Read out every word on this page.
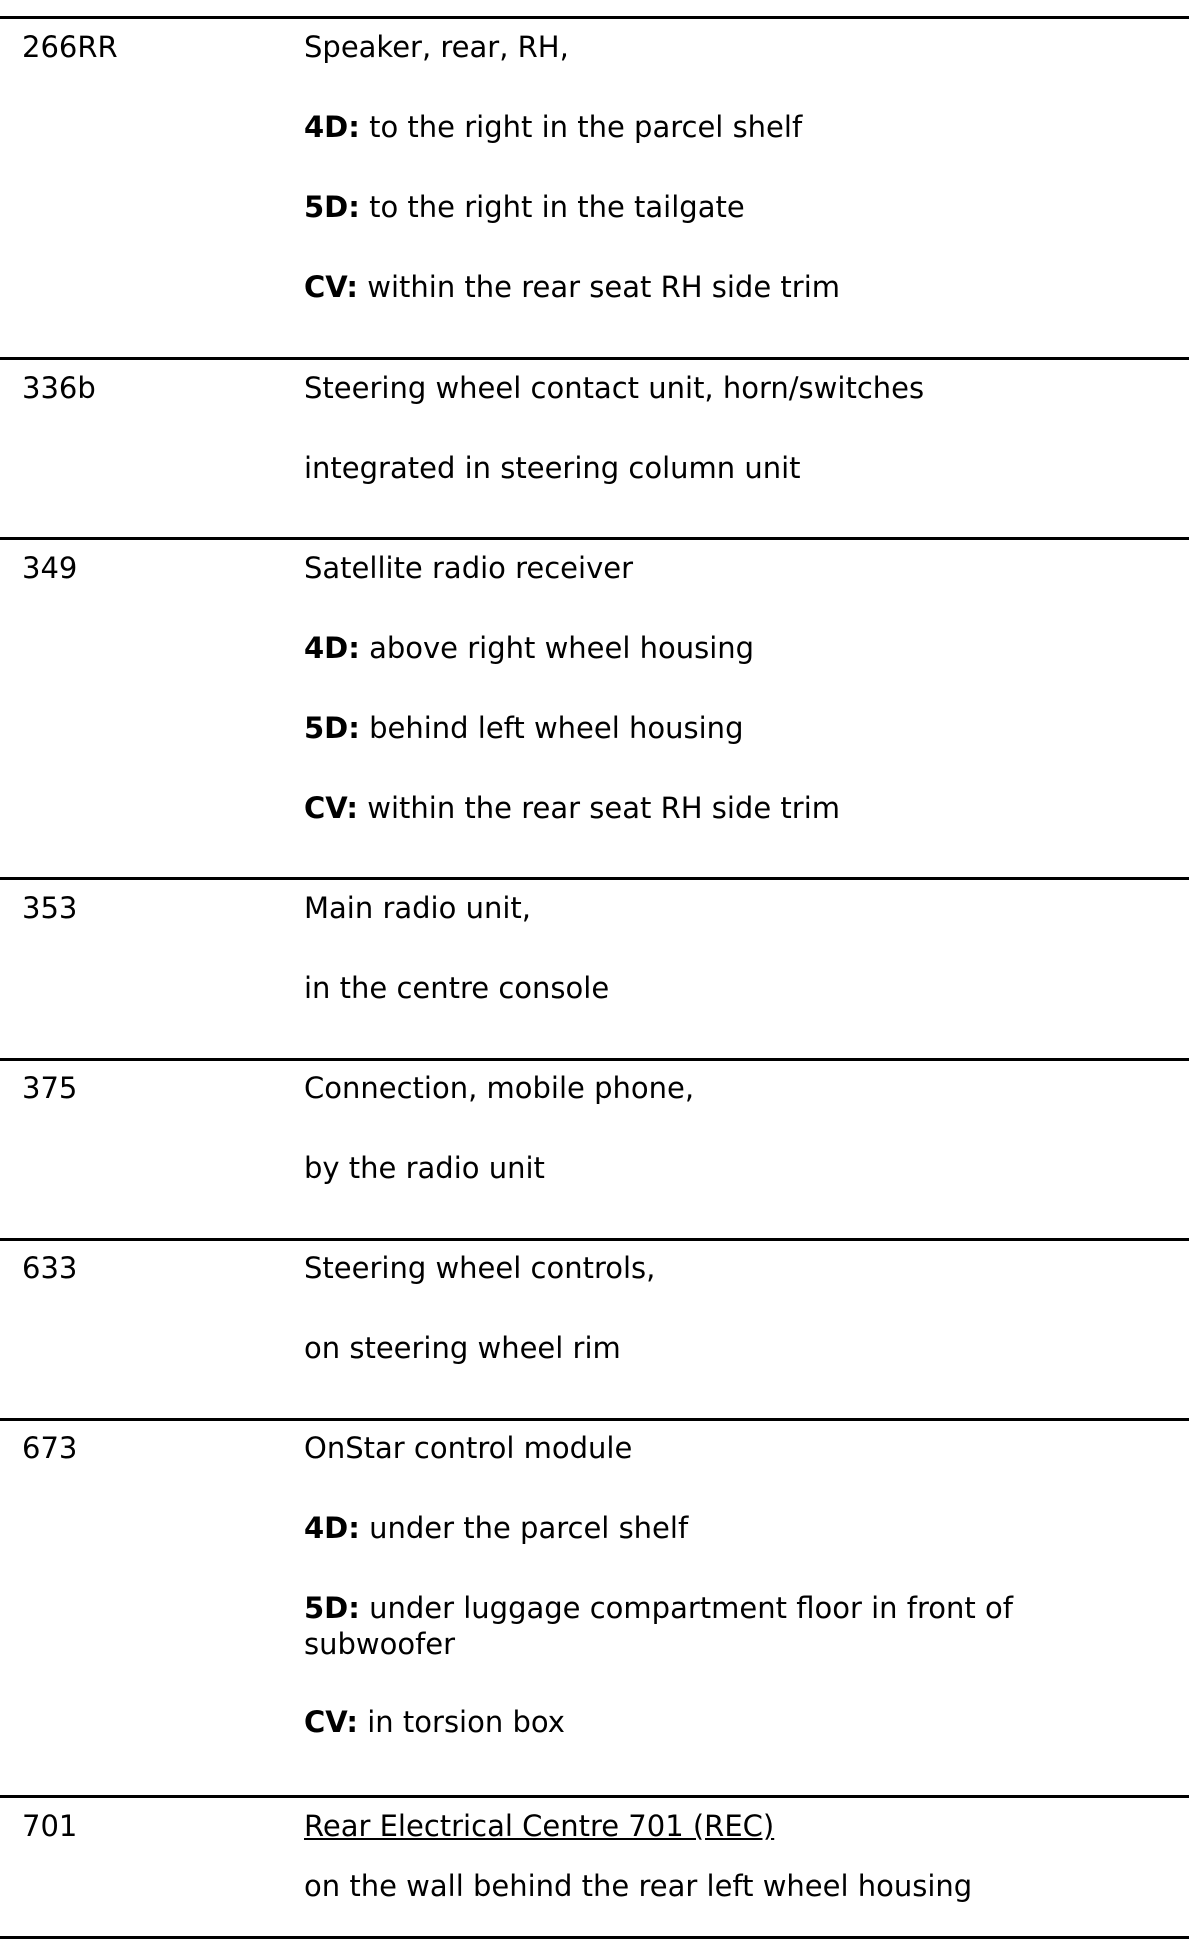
266RR	Speaker, rear, RH,
4D: to the right in the parcel shelf
5D: to the right in the tailgate
CV: within the rear seat RH side trim
336b	Steering wheel contact unit, horn/switches
integrated in steering column unit
349	Satellite radio receiver
4D: above right wheel housing
5D: behind left wheel housing
CV: within the rear seat RH side trim
353	Main radio unit,
in the centre console
375	Connection, mobile phone,
by the radio unit
633	Steering wheel controls,
on steering wheel rim
673	OnStar control module
4D: under the parcel shelf
5D: under luggage compartment floor in front of subwoofer
CV: in torsion box
701	Rear Electrical Centre 701 (REC)
on the wall behind the rear left wheel housing
